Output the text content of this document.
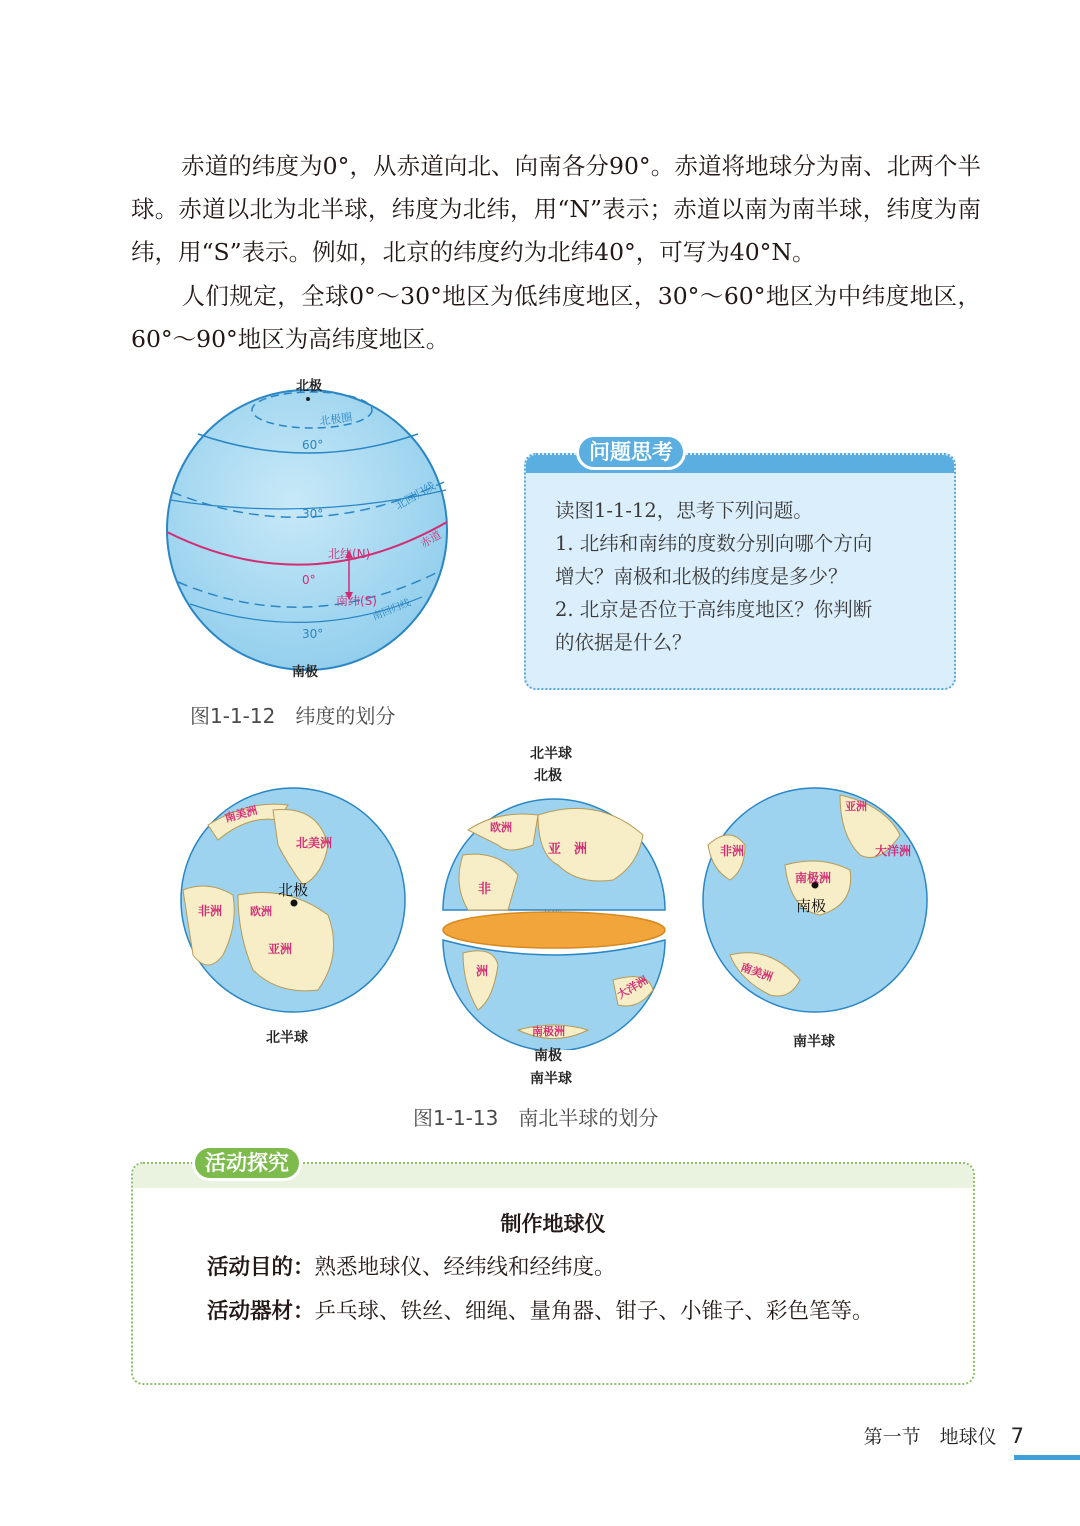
赤道的纬度为0°，从赤道向北、向南各分90°。赤道将地球分为南、北两个半球。赤道以北为北半球，纬度为北纬，用“N”表示；赤道以南为南半球，纬度为南纬，用“S”表示。例如，北京的纬度约为北纬40°，可写为40°N。

人们规定，全球0°～30°地区为低纬度地区，30°～60°地区为中纬度地区，60°～90°地区为高纬度地区。

北极
北极圈
60°
北回归线
30°
赤道
北纬(N)
0°
南纬(S)
南回归线
30°
南极
图1-1-12　纬度的划分
问题思考
读图1-1-12，思考下列问题。
1. 北纬和南纬的度数分别向哪个方向
增大？南极和北极的纬度是多少？
2. 北京是否位于高纬度地区？你判断
的依据是什么？
南美洲
北美洲
非洲	欧洲
亚洲
北极
北半球
欧洲
亚　洲
非
洲
大洋洲
南极洲
北半球
北极
南极
南半球
亚洲
非洲	大洋洲
南极洲
南极
南美洲
南半球
图1-1-13　南北半球的划分
活动探究
制作地球仪
活动目的：熟悉地球仪、经纬线和经纬度。
活动器材：乒乓球、铁丝、细绳、量角器、钳子、小锥子、彩色笔等。
第一节　地球仪 7
